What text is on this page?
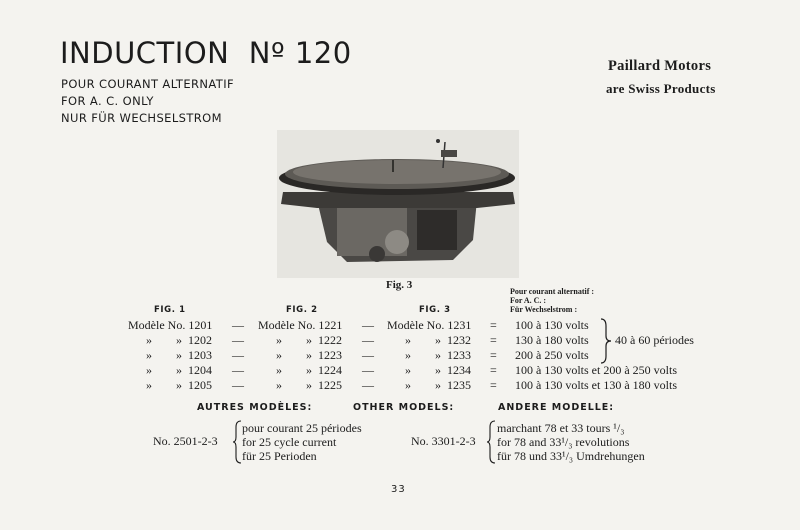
INDUCTION  Nº 120
POUR COURANT ALTERNATIF
FOR A. C. ONLY
NUR FÜR WECHSELSTROM
Paillard Motors
are Swiss Products
Fig. 3
FIG. 1	FIG. 2	FIG. 3
Pour courant alternatif :
For A. C. :
Für Wechselstrom :
Modèle No. 1201 — Modèle No. 1221 — Modèle No. 1231 = 100 à 130 volts
»        »  1202 —	»        »  1222 —	»        »  1232 = 130 à 180 volts
»        »  1203 —	»        »  1223 —	»        »  1233 = 200 à 250 volts
»        »  1204 —	»        »  1224 —	»        »  1234 = 100 à 130 volts et 200 à 250 volts
»        »  1205 —	»        »  1225 —	»        »  1235 = 100 à 130 volts et 130 à 180 volts
40 à 60 périodes
AUTRES MODÈLES:	OTHER MODELS:	ANDERE MODELLE:
No. 2501-2-3
pour courant 25 périodes
for 25 cycle current
für 25 Perioden
No. 3301-2-3
marchant 78 et 33 tours ¹/₃
for 78 and 33¹/₃ revolutions
für 78 und 33¹/₃ Umdrehungen
33
